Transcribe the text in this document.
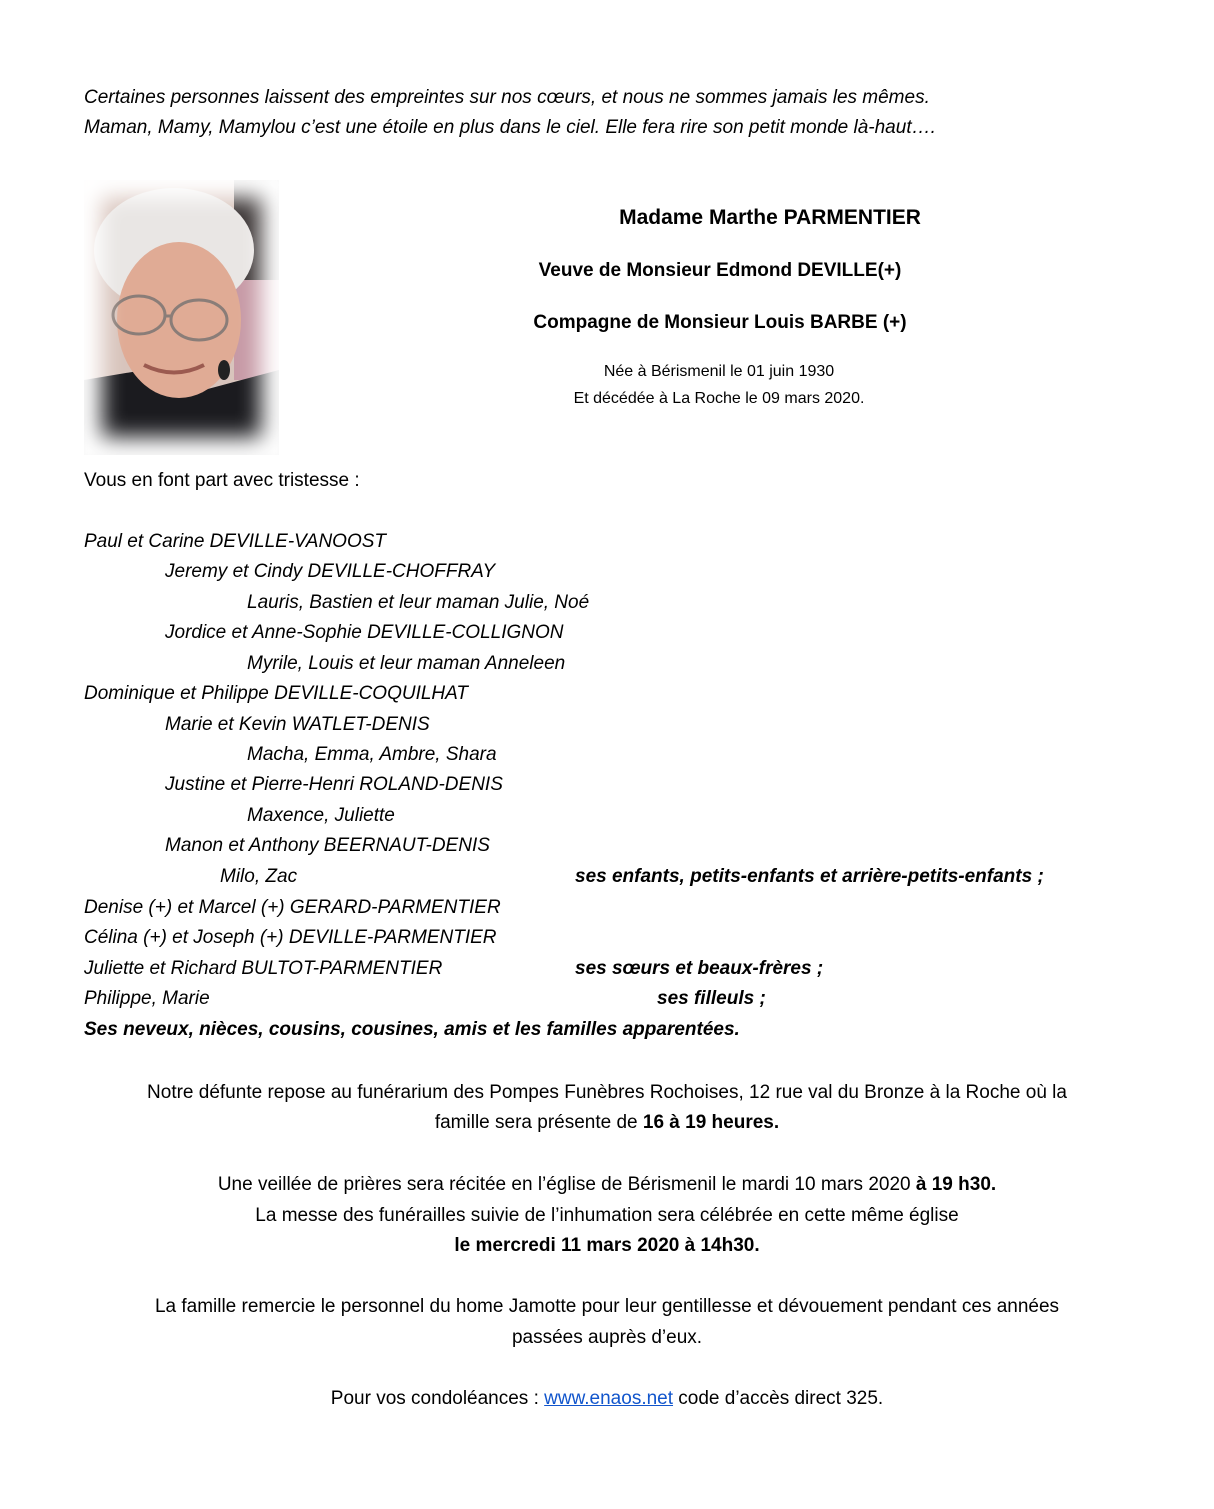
Certaines personnes laissent des empreintes sur nos cœurs, et nous ne sommes jamais les mêmes.
Maman, Mamy, Mamylou c’est une étoile en plus dans le ciel. Elle fera rire son petit monde là-haut….
Madame Marthe PARMENTIER
Veuve de Monsieur Edmond DEVILLE(+)
Compagne de Monsieur Louis BARBE (+)
Née à Bérismenil le 01 juin 1930
Et décédée à La Roche le 09 mars 2020.
Vous en font part avec tristesse :
Paul et Carine DEVILLE-VANOOST
Jeremy et Cindy DEVILLE-CHOFFRAY
Lauris, Bastien et leur maman Julie, Noé
Jordice et Anne-Sophie DEVILLE-COLLIGNON
Myrile, Louis et leur maman Anneleen
Dominique et Philippe DEVILLE-COQUILHAT
Marie et Kevin WATLET-DENIS
Macha, Emma, Ambre, Shara
Justine et Pierre-Henri ROLAND-DENIS
Maxence, Juliette
Manon et Anthony BEERNAUT-DENIS
Milo, Zac	ses enfants, petits-enfants et arrière-petits-enfants ;
Denise (+) et Marcel (+) GERARD-PARMENTIER
Célina (+) et Joseph (+) DEVILLE-PARMENTIER
Juliette et Richard BULTOT-PARMENTIER	ses sœurs et beaux-frères ;
Philippe, Marie	ses filleuls ;
Ses neveux, nièces, cousins, cousines, amis et les familles apparentées.
Notre défunte repose au funérarium des Pompes Funèbres Rochoises, 12 rue val du Bronze à la Roche où la
famille sera présente de 16 à 19 heures.
Une veillée de prières sera récitée en l’église de Bérismenil le mardi 10 mars 2020 à 19 h30.
La messe des funérailles suivie de l’inhumation sera célébrée en cette même église
le mercredi 11 mars 2020 à 14h30.
La famille remercie le personnel du home Jamotte pour leur gentillesse et dévouement pendant ces années
passées auprès d’eux.
Pour vos condoléances : www.enaos.net code d’accès direct 325.
